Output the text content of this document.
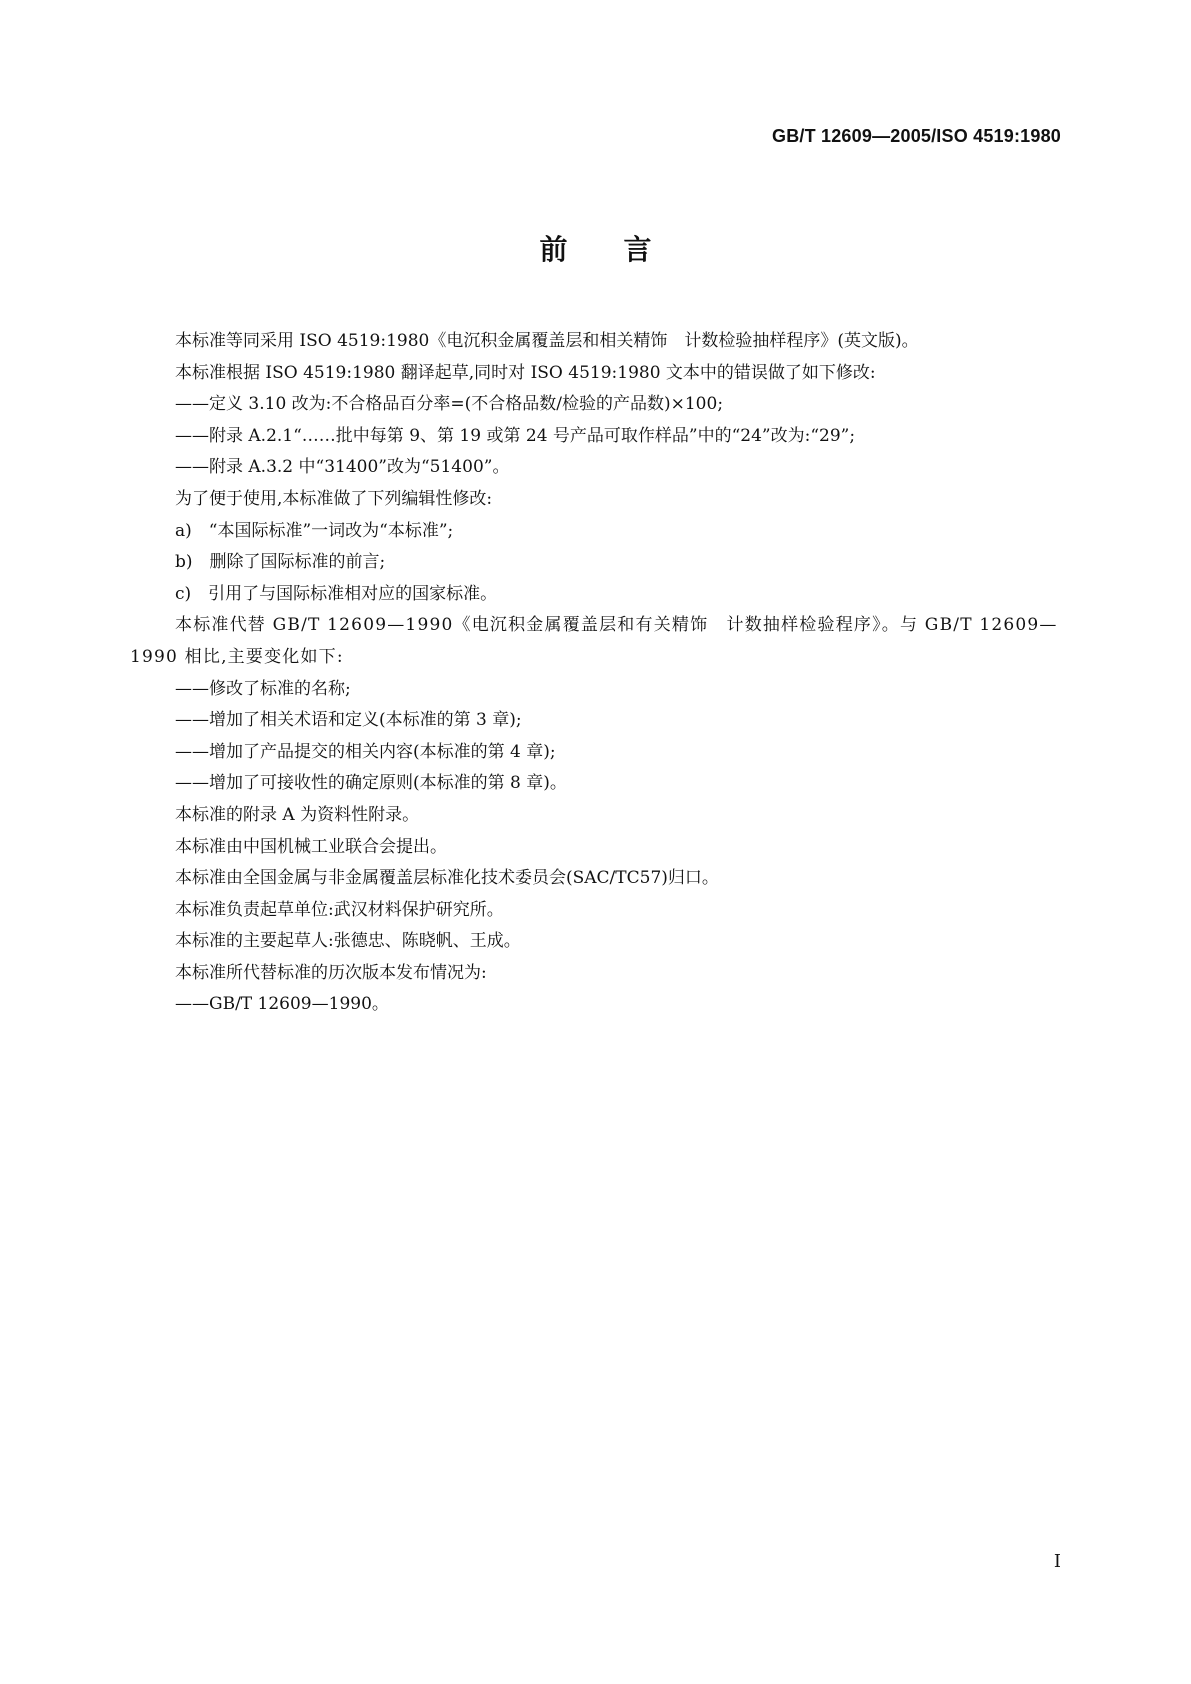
GB/T 12609—2005/ISO 4519:1980
前言

本标准等同采用 ISO 4519:1980《电沉积金属覆盖层和相关精饰　计数检验抽样程序》(英文版)。

本标准根据 ISO 4519:1980 翻译起草,同时对 ISO 4519:1980 文本中的错误做了如下修改:

——定义 3.10 改为:不合格品百分率=(不合格品数/检验的产品数)×100;

——附录 A.2.1“……批中每第 9、第 19 或第 24 号产品可取作样品”中的“24”改为:“29”;

——附录 A.3.2 中“31400”改为“51400”。

为了便于使用,本标准做了下列编辑性修改:

a)　“本国际标准”一词改为“本标准”;

b)　删除了国际标准的前言;

c)　引用了与国际标准相对应的国家标准。

本标准代替 GB/T 12609—1990《电沉积金属覆盖层和有关精饰　计数抽样检验程序》。与 GB/T 12609—1990 相比,主要变化如下:

——修改了标准的名称;

——增加了相关术语和定义(本标准的第 3 章);

——增加了产品提交的相关内容(本标准的第 4 章);

——增加了可接收性的确定原则(本标准的第 8 章)。

本标准的附录 A 为资料性附录。

本标准由中国机械工业联合会提出。

本标准由全国金属与非金属覆盖层标准化技术委员会(SAC/TC57)归口。

本标准负责起草单位:武汉材料保护研究所。

本标准的主要起草人:张德忠、陈晓帆、王成。

本标准所代替标准的历次版本发布情况为:

——GB/T 12609—1990。

I
